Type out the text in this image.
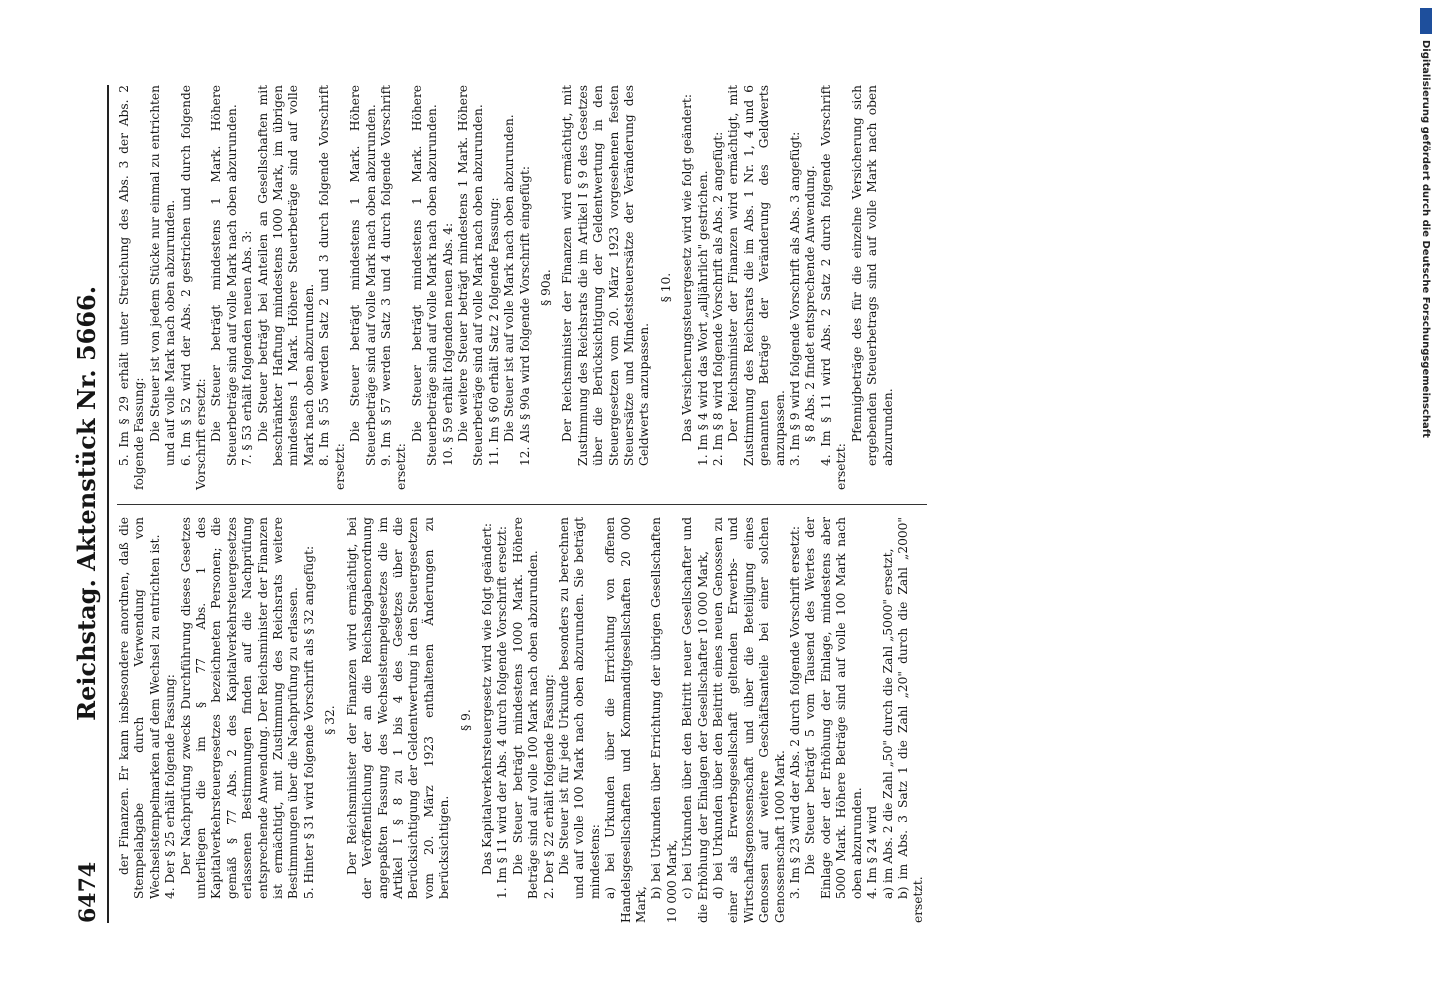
6474
Reichstag. Aktenstück Nr. 5666. der Finanzen. Er kann insbesondere anordnen, daß die Stempelabgabe durch Verwendung von Wechselstempelmarken auf dem Wechsel zu entrichten ist. 4. Der § 25 erhält folgende Fassung: Der Nachprüfung zwecks Durchführung dieses Gesetzes unterliegen die im § 77 Abs. 1 des Kapitalverkehrsteuergesetzes bezeichneten Personen; die gemäß § 77 Abs. 2 des Kapitalverkehrsteuergesetzes erlassenen Bestimmungen finden auf die Nachprüfung entsprechende Anwendung. Der Reichsminister der Finanzen ist ermächtigt, mit Zustimmung des Reichsrats weitere Bestimmungen über die Nachprüfung zu erlassen. 5. Hinter § 31 wird folgende Vorschrift als § 32 angefügt: § 32. Der Reichsminister der Finanzen wird ermächtigt, bei der Veröffentlichung der an die Reichsabgabenordnung angepaßten Fassung des Wechselstempelgesetzes die im Artikel I § 8 zu 1 bis 4 des Gesetzes über die Berücksichtigung der Geldentwertung in den Steuergesetzen vom 20. März 1923 enthaltenen Änderungen zu berücksichtigen.

§ 9. Das Kapitalverkehrsteuergesetz wird wie folgt geändert: 1. Im § 11 wird der Abs. 4 durch folgende Vorschrift ersetzt: Die Steuer beträgt mindestens 1000 Mark. Höhere Beträge sind auf volle 100 Mark nach oben abzurunden. 2. Der § 22 erhält folgende Fassung: Die Steuer ist für jede Urkunde besonders zu berechnen und auf volle 100 Mark nach oben abzurunden. Sie beträgt mindestens: a) bei Urkunden über die Errichtung von offenen Handelsgesellschaften und Kommanditgesellschaften 20 000 Mark,

b) bei Urkunden über Errichtung der übrigen Gesellschaften 10 000 Mark, c) bei Urkunden über den Beitritt neuer Gesellschafter und die Erhöhung der Einlagen der Gesellschafter 10 000 Mark, d) bei Urkunden über den Beitritt eines neuen Genossen zu einer als Erwerbsgesellschaft geltenden Erwerbs- und Wirtschaftsgenossenschaft und über die Beteiligung eines Genossen auf weitere Geschäftsanteile bei einer solchen Genossenschaft 1000 Mark. 3. Im § 23 wird der Abs. 2 durch folgende Vorschrift ersetzt: Die Steuer beträgt 5 vom Tausend des Wertes der Einlage oder der Erhöhung der Einlage, mindestens aber 5000 Mark. Höhere Beträge sind auf volle 100 Mark nach oben abzurunden. 4. Im § 24 wird a) im Abs. 2 die Zahl „50" durch die Zahl „5000" ersetzt, b) im Abs. 3 Satz 1 die Zahl „20" durch die Zahl „2000" ersetzt.

5. Im § 29 erhält unter Streichung des Abs. 3 der Abs. 2 folgende Fassung: Die Steuer ist von jedem Stücke nur einmal zu entrichten und auf volle Mark nach oben abzurunden. 6. Im § 52 wird der Abs. 2 gestrichen und durch folgende Vorschrift ersetzt: Die Steuer beträgt mindestens 1 Mark. Höhere Steuerbeträge sind auf volle Mark nach oben abzurunden. 7. § 53 erhält folgenden neuen Abs. 3: Die Steuer beträgt bei Anteilen an Gesellschaften mit beschränkter Haftung mindestens 1000 Mark, im übrigen mindestens 1 Mark. Höhere Steuerbeträge sind auf volle Mark nach oben abzurunden. 8. Im § 55 werden Satz 2 und 3 durch folgende Vorschrift ersetzt:

Die Steuer beträgt mindestens 1 Mark. Höhere Steuerbeträge sind auf volle Mark nach oben abzurunden. 9. Im § 57 werden Satz 3 und 4 durch folgende Vorschrift ersetzt:

Die Steuer beträgt mindestens 1 Mark. Höhere Steuerbeträge sind auf volle Mark nach oben abzurunden. 10. § 59 erhält folgenden neuen Abs. 4: Die weitere Steuer beträgt mindestens 1 Mark. Höhere Steuerbeträge sind auf volle Mark nach oben abzurunden. 11. Im § 60 erhält Satz 2 folgende Fassung: Die Steuer ist auf volle Mark nach oben abzurunden. 12. Als § 90a wird folgende Vorschrift eingefügt: § 90a. Der Reichsminister der Finanzen wird ermächtigt, mit Zustimmung des Reichsrats die im Artikel I § 9 des Gesetzes über die Berücksichtigung der Geldentwertung in den Steuergesetzen vom 20. März 1923 vorgesehenen festen Steuersätze und Mindeststeuersätze der Veränderung des Geldwerts anzupassen.

§ 10. Das Versicherungssteuergesetz wird wie folgt geändert: 1. Im § 4 wird das Wort „alljährlich" gestrichen. 2. Im § 8 wird folgende Vorschrift als Abs. 2 angefügt: Der Reichsminister der Finanzen wird ermächtigt, mit Zustimmung des Reichsrats die im Abs. 1 Nr. 1, 4 und 6 genannten Beträge der Veränderung des Geldwerts anzupassen. 3. Im § 9 wird folgende Vorschrift als Abs. 3 angefügt: § 8 Abs. 2 findet entsprechende Anwendung. 4. Im § 11 wird Abs. 2 Satz 2 durch folgende Vorschrift ersetzt:

Pfennigbeträge des für die einzelne Versicherung sich ergebenden Steuerbetrags sind auf volle Mark nach oben abzurunden.	Digitalisierung gefördert durch die Deutsche Forschungsgemeinschaft
